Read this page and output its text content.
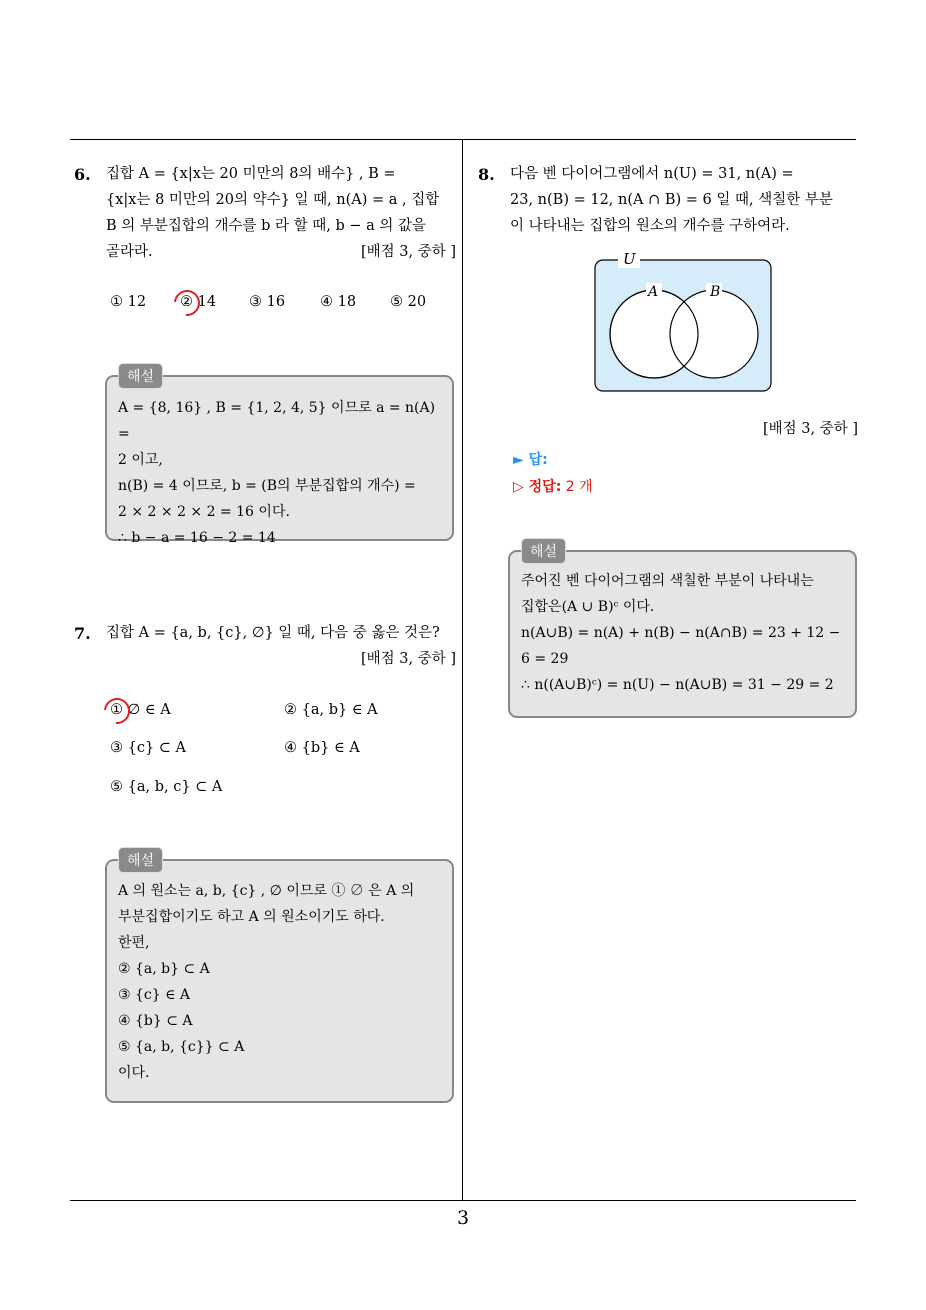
6. 집합 A = {x|x는 20 미만의 8의 배수} , B =
{x|x는 8 미만의 20의 약수} 일 때, n(A) = a , 집합
B 의 부분집합의 개수를 b 라 할 때, b − a 의 값을
골라라.	[배점 3, 중하 ]
① 12 ② 14 ③ 16 ④ 18 ⑤ 20
해설
A = {8, 16} , B = {1, 2, 4, 5} 이므로 a = n(A) =
2 이고,
n(B) = 4 이므로, b = (B의 부분집합의 개수) =
2 × 2 × 2 × 2 = 16 이다.
∴ b − a = 16 − 2 = 14
7. 집합 A = {a, b, {c}, ∅} 일 때, 다음 중 옳은 것은?
[배점 3, 중하 ]
① ∅ ∈ A	② {a, b} ∈ A
③ {c} ⊂ A	④ {b} ∈ A
⑤ {a, b, c} ⊂ A
해설
A 의 원소는 a, b, {c} , ∅ 이므로 ① ∅ 은 A 의
부분집합이기도 하고 A 의 원소이기도 하다.
한편,
② {a, b} ⊂ A
③ {c} ∈ A
④ {b} ⊂ A
⑤ {a, b, {c}} ⊂ A
이다.
8. 다음 벤 다이어그램에서 n(U) = 31, n(A) =
23, n(B) = 12, n(A ∩ B) = 6 일 때, 색칠한 부분
이 나타내는 집합의 원소의 개수를 구하여라.
U
A	B
[배점 3, 중하 ]
► 답:
▷ 정답: 2 개
해설
주어진 벤 다이어그램의 색칠한 부분이 나타내는
집합은(A ∪ B)ᶜ 이다.
n(A∪B) = n(A) + n(B) − n(A∩B) = 23 + 12 −
6 = 29
∴ n((A∪B)ᶜ) = n(U) − n(A∪B) = 31 − 29 = 2
3
